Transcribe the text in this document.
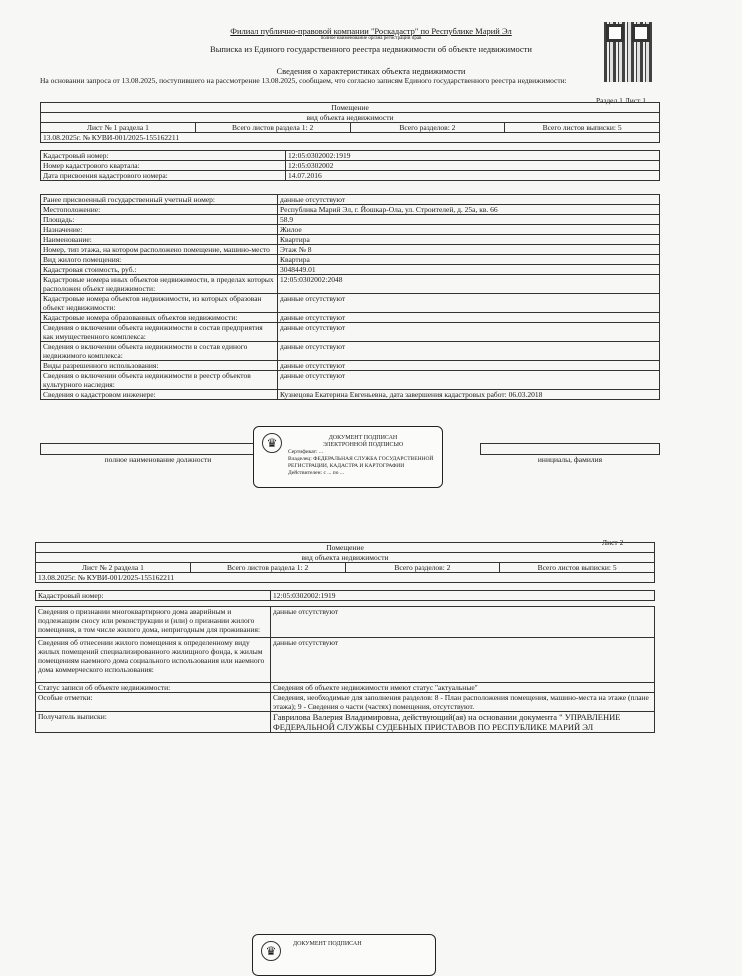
Филиал публично-правовой компании "Роскадастр" по Республике Марий Эл
полное наименование органа регистрации прав
Выписка из Единого государственного реестра недвижимости об объекте недвижимости
Сведения о характеристиках объекта недвижимости
На основании запроса от 13.08.2025, поступившего на рассмотрение 13.08.2025, сообщаем, что согласно записям Единого государственного реестра недвижимости:
Раздел 1 Лист 1
Помещение
вид объекта недвижимости
Лист № 1 раздела 1	Всего листов раздела 1: 2	Всего разделов: 2	Всего листов выписки: 5
13.08.2025г. № КУВИ-001/2025-155162211
Кадастровый номер:	12:05:0302002:1919
Номер кадастрового квартала:	12:05:0302002
Дата присвоения кадастрового номера:	14.07.2016
Ранее присвоенный государственный учетный номер:	данные отсутствуют
Местоположение:	Республика Марий Эл, г. Йошкар-Ола, ул. Строителей, д. 25а, кв. 66
Площадь:	58.9
Назначение:	Жилое
Наименование:	Квартира
Номер, тип этажа, на котором расположено помещение, машино-место	Этаж № 8
Вид жилого помещения:	Квартира
Кадастровая стоимость, руб.:	3048449.01
Кадастровые номера иных объектов недвижимости, в пределах которых расположен объект недвижимости:	12:05:0302002:2048
Кадастровые номера объектов недвижимости, из которых образован объект недвижимости:	данные отсутствуют
Кадастровые номера образованных объектов недвижимости:	данные отсутствуют
Сведения о включении объекта недвижимости в состав предприятия как имущественного комплекса:	данные отсутствуют
Сведения о включении объекта недвижимости в состав единого недвижимого комплекса:	данные отсутствуют
Виды разрешенного использования:	данные отсутствуют
Сведения о включении объекта недвижимости в реестр объектов культурного наследия:	данные отсутствуют
Сведения о кадастровом инженере:	Кузнецова Екатерина Евгеньевна, дата завершения кадастровых работ: 06.03.2018

полное наименование должности		инициалы, фамилия
♛	ДОКУМЕНТ ПОДПИСАН
ЭЛЕКТРОННОЙ ПОДПИСЬЮ
Сертификат: ...
Владелец: ФЕДЕРАЛЬНАЯ СЛУЖБА ГОСУДАРСТВЕННОЙ
РЕГИСТРАЦИИ, КАДАСТРА И КАРТОГРАФИИ
Действителен: с ... по ...
Лист 2
Помещение
вид объекта недвижимости
Лист № 2 раздела 1	Всего листов раздела 1: 2	Всего разделов: 2	Всего листов выписки: 5
13.08.2025г. № КУВИ-001/2025-155162211
Кадастровый номер:	12:05:0302002:1919
Сведения о признании многоквартирного дома аварийным и подлежащим сносу или реконструкции и (или) о признании жилого помещения, в том числе жилого дома, непригодным для проживания:	данные отсутствуют
Сведения об отнесении жилого помещения к определенному виду жилых помещений специализированного жилищного фонда, к жилым помещениям наемного дома социального использования или наемного дома коммерческого использования:	данные отсутствуют
Статус записи об объекте недвижимости:	Сведения об объекте недвижимости имеют статус "актуальные"
Особые отметки:	Сведения, необходимые для заполнения разделов: 8 - План расположения помещения, машино-места на этаже (плане этажа); 9 - Сведения о части (частях) помещения, отсутствуют.
Получатель выписки:	Гаврилова Валерия Владимировна, действующий(ая) на основании документа " УПРАВЛЕНИЕ ФЕДЕРАЛЬНОЙ СЛУЖБЫ СУДЕБНЫХ ПРИСТАВОВ ПО РЕСПУБЛИКЕ МАРИЙ ЭЛ
♛	ДОКУМЕНТ ПОДПИСАН
